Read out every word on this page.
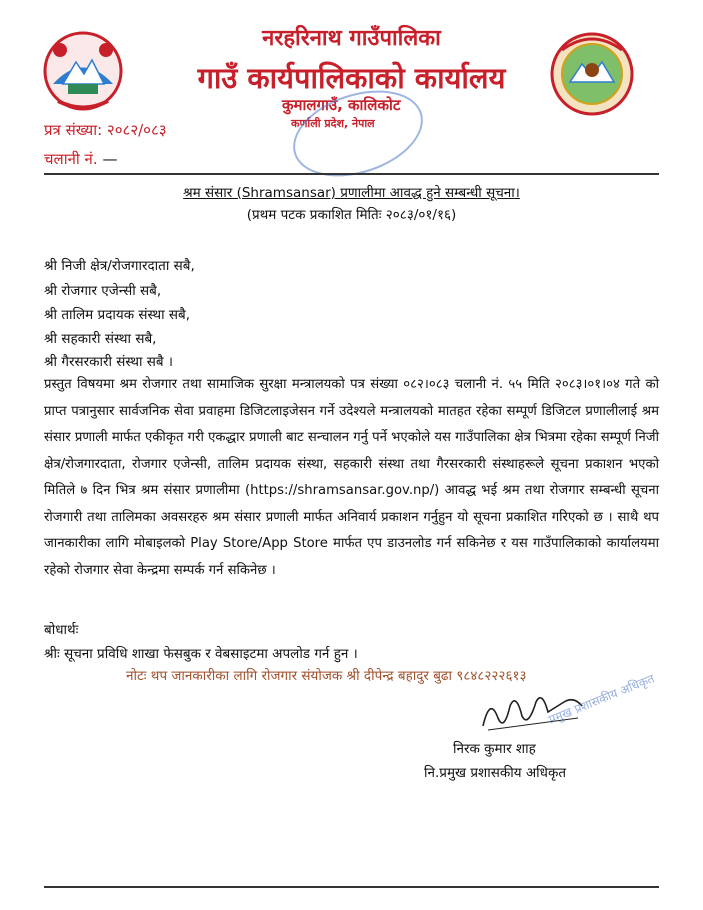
नरहरिनाथ गाउँपालिका
गाउँ कार्यपालिकाको कार्यालय
कुमालगाउँ, कालिकोट
कर्णाली प्रदेश, नेपाल
प्रत्र संख्या: २०८२/०८३
चलानी नं. —
श्रम संसार (Shramsansar) प्रणालीमा आवद्ध हुने सम्बन्धी सूचना।
(प्रथम पटक प्रकाशित मितिः २०८३/०१/१६)
श्री निजी क्षेत्र/रोजगारदाता सबै,
श्री रोजगार एजेन्सी सबै,
श्री तालिम प्रदायक संस्था सबै,
श्री सहकारी संस्था सबै,
श्री गैरसरकारी संस्था सबै ।
प्रस्तुत विषयमा श्रम रोजगार तथा सामाजिक सुरक्षा मन्त्रालयको पत्र संख्या ०८२।०८३ चलानी नं. ५५ मिति २०८३।०१।०४ गते को प्राप्त पत्रानुसार सार्वजनिक सेवा प्रवाहमा डिजिटलाइजेसन गर्ने उदेश्यले मन्त्रालयको मातहत रहेका सम्पूर्ण डिजिटल प्रणालीलाई श्रम संसार प्रणाली मार्फत एकीकृत गरी एकद्धार प्रणाली बाट सन्चालन गर्नु पर्ने भएकोले यस गाउँपालिका क्षेत्र भित्रमा रहेका सम्पूर्ण निजी क्षेत्र/रोजगारदाता, रोजगार एजेन्सी, तालिम प्रदायक संस्था, सहकारी संस्था तथा गैरसरकारी संस्थाहरूले सूचना प्रकाशन भएको मितिले ७ दिन भित्र श्रम संसार प्रणालीमा (https://shramsansar.gov.np/) आवद्ध भई श्रम तथा रोजगार सम्बन्धी सूचना रोजगारी तथा तालिमका अवसरहरु श्रम संसार प्रणाली मार्फत अनिवार्य प्रकाशन गर्नुहुन यो सूचना प्रकाशित गरिएको छ । साथै थप जानकारीका लागि मोबाइलको Play Store/App Store मार्फत एप डाउनलोड गर्न सकिनेछ र यस गाउँपालिकाको कार्यालयमा रहेको रोजगार सेवा केन्द्रमा सम्पर्क गर्न सकिनेछ ।
बोधार्थः
श्रीः सूचना प्रविधि शाखा फेसबुक र वेबसाइटमा अपलोड गर्न हुन ।
नोटः थप जानकारीका लागि रोजगार संयोजक श्री दीपेन्द्र बहादुर बुढा ९८४८२२२६१३ प्रमुख प्रशासकीय अधिकृत
निरक कुमार शाह
नि.प्रमुख प्रशासकीय अधिकृत
